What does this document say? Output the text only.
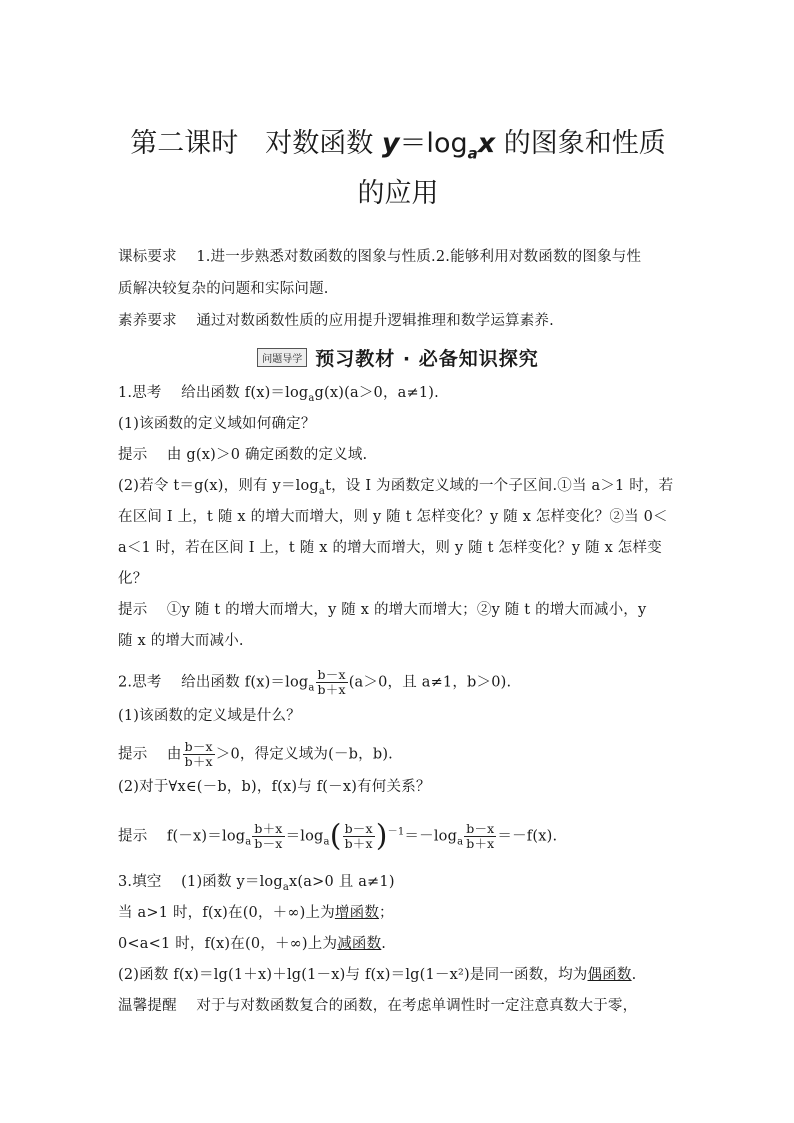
第二课时　对数函数 $y=\log_ax$ 的图象和性质
的应用
课标要求　 1.进一步熟悉对数函数的图象与性质.2.能够利用对数函数的图象与性
质解决较复杂的问题和实际问题.
素养要求　 通过对数函数性质的应用提升逻辑推理和数学运算素养.
问题导学 预习教材 · 必备知识探究
1.思考　 给出函数 $f(x)=\log_ag(x)(a>0$，a≠1).
(1)该函数的定义域如何确定？
提示　 由 g(x)＞0 确定函数的定义域.
(2)若令 t＝g(x)，则有 $y=\log_at$，设 I 为函数定义域的一个子区间.①当 a＞1 时，若
在区间 I 上，t 随 x 的增大而增大，则 y 随 t 怎样变化？y 随 x 怎样变化？②当 0＜
a＜1 时，若在区间 I 上，t 随 x 的增大而增大，则 y 随 t 怎样变化？y 随 x 怎样变
化？
提示　 ①y 随 t 的增大而增大，y 随 x 的增大而增大；②y 随 t 的增大而减小，y
随 x 的增大而减小.
2.思考　 给出函数 $f(x)=\log_a \frac{b-x}{b+x} (a>0$，且 a≠1，b＞0).
(1)该函数的定义域是什么？
提示　 由 $\frac{b-x}{b+x} >0$，得定义域为(－b，b).
(2)对于∀x∈(－b，b)，f(x)与 f(－x)有何关系？
提示　 $f(-x)=\log_a \frac{b+x}{b-x} =\log_a( \frac{b-x}{b+x} )^{-1}=-\log_a \frac{b-x}{b+x} =-f(x)$.
3.填空　 (1)函数 $y=\log_ax(a>0$ 且 a≠1)
当 a>1 时，f(x)在(0，＋∞)上为增函数；
0<a<1 时，f(x)在(0，＋∞)上为减函数.
(2)函数 f(x)＝lg(1＋x)＋lg(1－x)与 f(x)＝lg(1－x²)是同一函数，均为偶函数.
温馨提醒　 对于与对数函数复合的函数，在考虑单调性时一定注意真数大于零，
